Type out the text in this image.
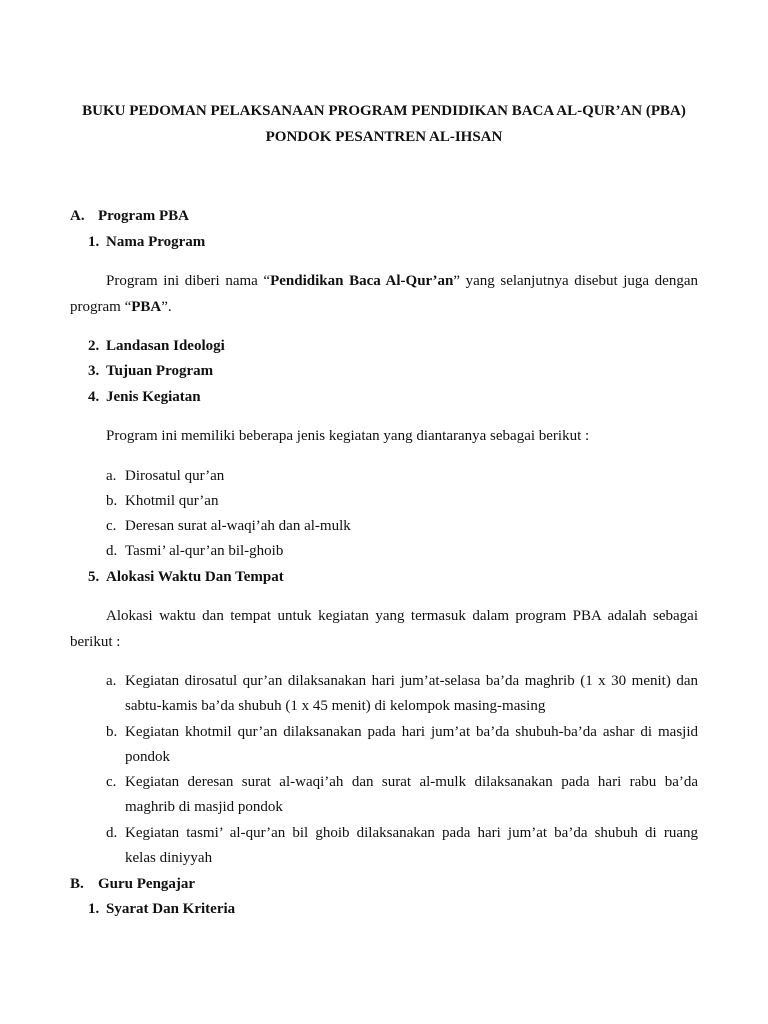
BUKU PEDOMAN PELAKSANAAN PROGRAM PENDIDIKAN BACA AL-QUR’AN (PBA)
PONDOK PESANTREN AL-IHSAN
A. Program PBA
1. Nama Program
Program ini diberi nama “Pendidikan Baca Al-Qur’an” yang selanjutnya disebut juga dengan
program “PBA”.
2. Landasan Ideologi
3. Tujuan Program
4. Jenis Kegiatan
Program ini memiliki beberapa jenis kegiatan yang diantaranya sebagai berikut :
a. Dirosatul qur’an
b. Khotmil qur’an
c. Deresan surat al-waqi’ah dan al-mulk
d. Tasmi’ al-qur’an bil-ghoib
5. Alokasi Waktu Dan Tempat
Alokasi waktu dan tempat untuk kegiatan yang termasuk dalam program PBA adalah sebagai
berikut :
a. Kegiatan dirosatul qur’an dilaksanakan hari jum’at-selasa ba’da maghrib (1 x 30 menit) dan
sabtu-kamis ba’da shubuh (1 x 45 menit) di kelompok masing-masing
b. Kegiatan khotmil qur’an dilaksanakan pada hari jum’at ba’da shubuh-ba’da ashar di masjid
pondok
c. Kegiatan deresan surat al-waqi’ah dan surat al-mulk dilaksanakan pada hari rabu ba’da
maghrib di masjid pondok
d. Kegiatan tasmi’ al-qur’an bil ghoib dilaksanakan pada hari jum’at ba’da shubuh di ruang
kelas diniyyah
B. Guru Pengajar
1. Syarat Dan Kriteria
